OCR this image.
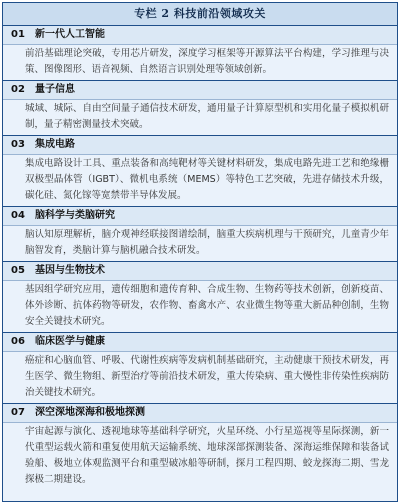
专栏 2 科技前沿领域攻关
01 新一代人工智能
前沿基础理论突破，专用芯片研发，深度学习框架等开源算法平台构建，学习推理与决策、图像图形、语音视频、自然语言识别处理等领域创新。
02 量子信息
城域、城际、自由空间量子通信技术研发，通用量子计算原型机和实用化量子模拟机研制，量子精密测量技术突破。
03 集成电路
集成电路设计工具、重点装备和高纯靶材等关键材料研发，集成电路先进工艺和绝缘栅双极型晶体管（IGBT）、微机电系统（MEMS）等特色工艺突破，先进存储技术升级，碳化硅、氮化镓等宽禁带半导体发展。
04 脑科学与类脑研究
脑认知原理解析，脑介观神经联接图谱绘制，脑重大疾病机理与干预研究，儿童青少年脑智发育，类脑计算与脑机融合技术研发。
05 基因与生物技术
基因组学研究应用，遗传细胞和遗传育种、合成生物、生物药等技术创新，创新疫苗、体外诊断、抗体药物等研发，农作物、畜禽水产、农业微生物等重大新品种创制，生物安全关键技术研究。
06 临床医学与健康
癌症和心脑血管、呼吸、代谢性疾病等发病机制基础研究，主动健康干预技术研发，再生医学、微生物组、新型治疗等前沿技术研发，重大传染病、重大慢性非传染性疾病防治关键技术研究。
07 深空深地深海和极地探测
宇宙起源与演化、透视地球等基础科学研究，火星环绕、小行星巡视等星际探测，新一代重型运载火箭和重复使用航天运输系统、地球深部探测装备、深海运维保障和装备试验船、极地立体观监测平台和重型破冰船等研制，探月工程四期、蛟龙探海二期、雪龙探极二期建设。
